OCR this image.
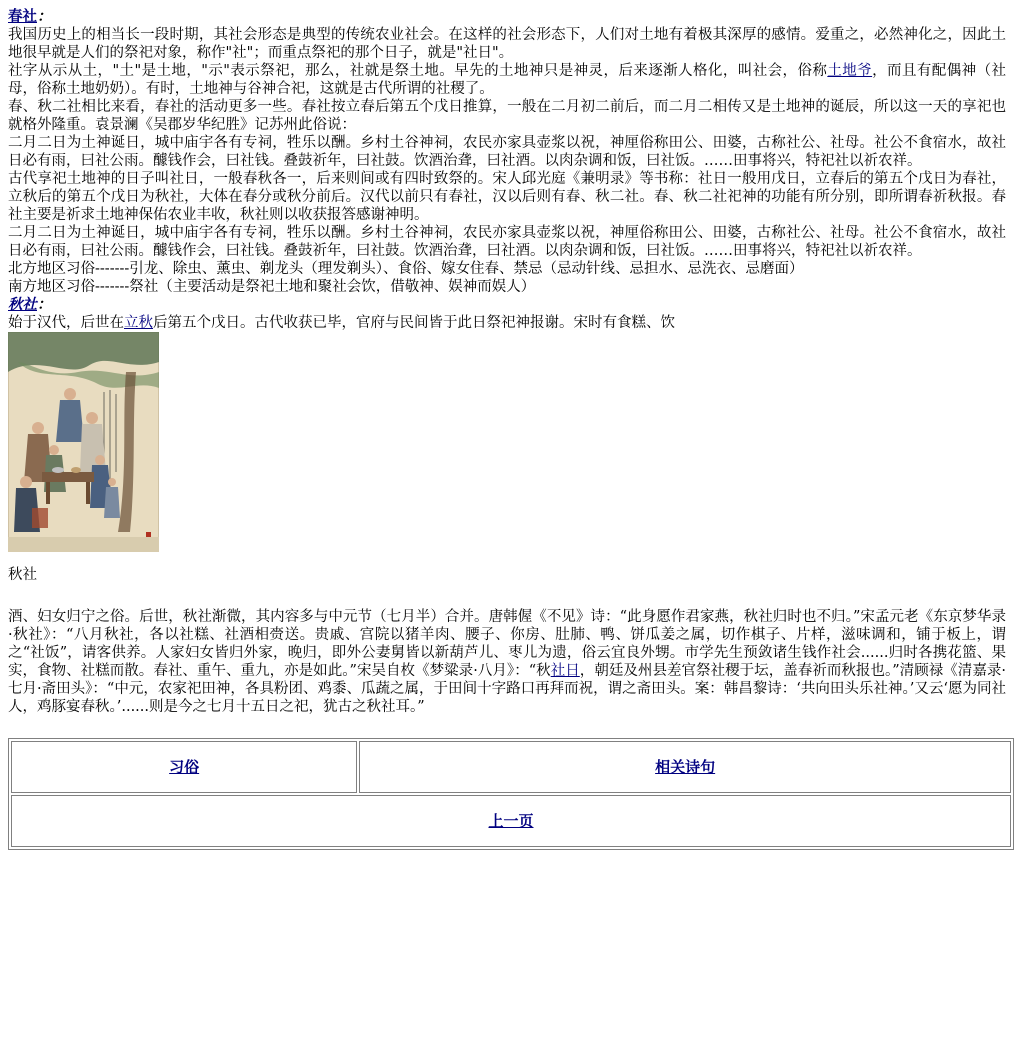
春社：

我国历史上的相当长一段时期，其社会形态是典型的传统农业社会。在这样的社会形态下，人们对土地有着极其深厚的感情。爱重之，必然神化之，因此土地很早就是人们的祭祀对象，称作"社"；而重点祭祀的那个日子，就是"社日"。

社字从示从土，"土"是土地，"示"表示祭祀，那么，社就是祭土地。早先的土地神只是神灵，后来逐渐人格化，叫社会，俗称土地爷，而且有配偶神（社母，俗称土地奶奶）。有时，土地神与谷神合祀，这就是古代所谓的社稷了。

春、秋二社相比来看，春社的活动更多一些。春社按立春后第五个戊日推算，一般在二月初二前后，而二月二相传又是土地神的诞辰，所以这一天的享祀也就格外隆重。袁景澜《吴郡岁华纪胜》记苏州此俗说：

二月二日为土神诞日，城中庙宇各有专祠，牲乐以酬。乡村土谷神祠，农民亦家具壶浆以祝，神厘俗称田公、田婆，古称社公、社母。社公不食宿水，故社日必有雨，曰社公雨。醵钱作会，曰社钱。叠鼓祈年，曰社鼓。饮酒治聋，曰社酒。以肉杂调和饭，曰社饭。……田事将兴，特祀社以祈农祥。

古代享祀土地神的日子叫社日，一般春秋各一，后来则间或有四时致祭的。宋人邱光庭《兼明录》等书称：社日一般用戊日，立春后的第五个戊日为春社，立秋后的第五个戊日为秋社，大体在春分或秋分前后。汉代以前只有春社，汉以后则有春、秋二社。春、秋二社祀神的功能有所分别，即所谓春祈秋报。春社主要是祈求土地神保佑农业丰收，秋社则以收获报答感谢神明。

二月二日为土神诞日，城中庙宇各有专祠，牲乐以酬。乡村土谷神祠，农民亦家具壶浆以祝，神厘俗称田公、田婆，古称社公、社母。社公不食宿水，故社日必有雨，曰社公雨。醵钱作会，曰社钱。叠鼓祈年，曰社鼓。饮酒治聋，曰社酒。以肉杂调和饭，曰社饭。……田事将兴，特祀社以祈农祥。

北方地区习俗-------引龙、除虫、薰虫、剃龙头（理发剃头）、食俗、嫁女住春、禁忌（忌动针线、忌担水、忌洗衣、忌磨面）

南方地区习俗-------祭社（主要活动是祭祀土地和聚社会饮，借敬神、娱神而娱人）

秋社：

始于汉代，后世在立秋后第五个戊日。古代收获已毕，官府与民间皆于此日祭祀神报谢。宋时有食糕、饮

秋社

酒、妇女归宁之俗。后世，秋社渐微，其内容多与中元节（七月半）合并。唐韩偓《不见》诗：“此身愿作君家燕，秋社归时也不归。”宋孟元老《东京梦华录·秋社》：“八月秋社，各以社糕、社酒相赍送。贵戚、宫院以猪羊肉、腰子、你房、肚肺、鸭、饼瓜姜之属，切作棋子、片样，滋味调和，铺于板上，谓之“社饭”，请客供养。人家妇女皆归外家，晚归，即外公妻舅皆以新葫芦儿、枣儿为遗，俗云宜良外甥。市学先生预敛诸生钱作社会......归时各携花篮、果实，食物、社糕而散。春社、重午、重九，亦是如此。”宋吴自枚《梦粱录·八月》：“秋社日，朝廷及州县差官祭社稷于坛，盖春祈而秋报也。”清顾禄《清嘉录·七月·斋田头》：“中元，农家祀田神，各具粉团、鸡黍、瓜蔬之属，于田间十字路口再拜而祝，谓之斋田头。案：韩昌黎诗：‘共向田头乐社神。’又云‘愿为同社人，鸡豚宴春秋。’......则是今之七月十五日之祀，犹古之秋社耳。”

习俗	相关诗句
上一页
